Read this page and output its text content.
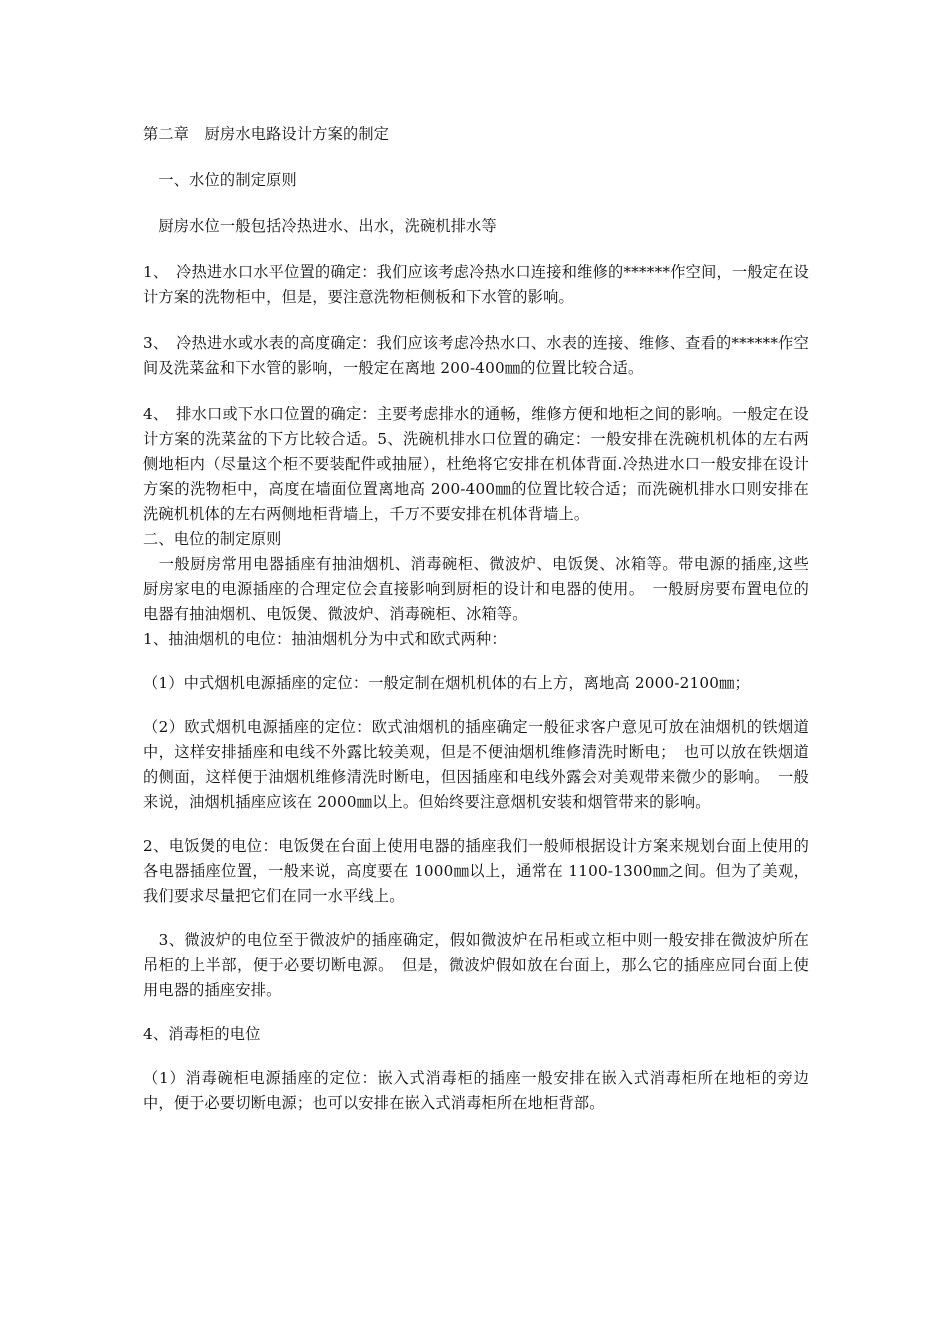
第二章　厨房水电路设计方案的制定

　一、水位的制定原则

　厨房水位一般包括冷热进水、出水，洗碗机排水等

1、　冷热进水口水平位置的确定：我们应该考虑冷热水口连接和维修的******作空间，一般定在设计方案的洗物柜中，但是，要注意洗物柜侧板和下水管的影响。

3、　冷热进水或水表的高度确定：我们应该考虑冷热水口、水表的连接、维修、查看的******作空间及洗菜盆和下水管的影响，一般定在离地 200-400㎜的位置比较合适。

4、　排水口或下水口位置的确定：主要考虑排水的通畅，维修方便和地柜之间的影响。一般定在设计方案的洗菜盆的下方比较合适。5、洗碗机排水口位置的确定：一般安排在洗碗机机体的左右两侧地柜内（尽量这个柜不要装配件或抽屉），杜绝将它安排在机体背面.冷热进水口一般安排在设计方案的洗物柜中，高度在墙面位置离地高 200-400㎜的位置比较合适；而洗碗机排水口则安排在洗碗机机体的左右两侧地柜背墙上，千万不要安排在机体背墙上。

二、电位的制定原则

　一般厨房常用电器插座有抽油烟机、消毒碗柜、微波炉、电饭煲、冰箱等。带电源的插座,这些厨房家电的电源插座的合理定位会直接影响到厨柜的设计和电器的使用。　一般厨房要布置电位的电器有抽油烟机、电饭煲、微波炉、消毒碗柜、冰箱等。

1、抽油烟机的电位：抽油烟机分为中式和欧式两种：

（1）中式烟机电源插座的定位：一般定制在烟机机体的右上方，离地高 2000-2100㎜；

（2）欧式烟机电源插座的定位：欧式油烟机的插座确定一般征求客户意见可放在油烟机的铁烟道中，这样安排插座和电线不外露比较美观，但是不便油烟机维修清洗时断电；　也可以放在铁烟道的侧面，这样便于油烟机维修清洗时断电，但因插座和电线外露会对美观带来微少的影响。　一般来说，油烟机插座应该在 2000㎜以上。但始终要注意烟机安装和烟管带来的影响。

2、电饭煲的电位：电饭煲在台面上使用电器的插座我们一般师根据设计方案来规划台面上使用的各电器插座位置，一般来说，高度要在 1000㎜以上，通常在 1100-1300㎜之间。但为了美观，我们要求尽量把它们在同一水平线上。

　3、微波炉的电位至于微波炉的插座确定，假如微波炉在吊柜或立柜中则一般安排在微波炉所在吊柜的上半部，便于必要切断电源。　但是，微波炉假如放在台面上，那么它的插座应同台面上使用电器的插座安排。

4、消毒柜的电位

（1）消毒碗柜电源插座的定位：嵌入式消毒柜的插座一般安排在嵌入式消毒柜所在地柜的旁边中，便于必要切断电源；也可以安排在嵌入式消毒柜所在地柜背部。
